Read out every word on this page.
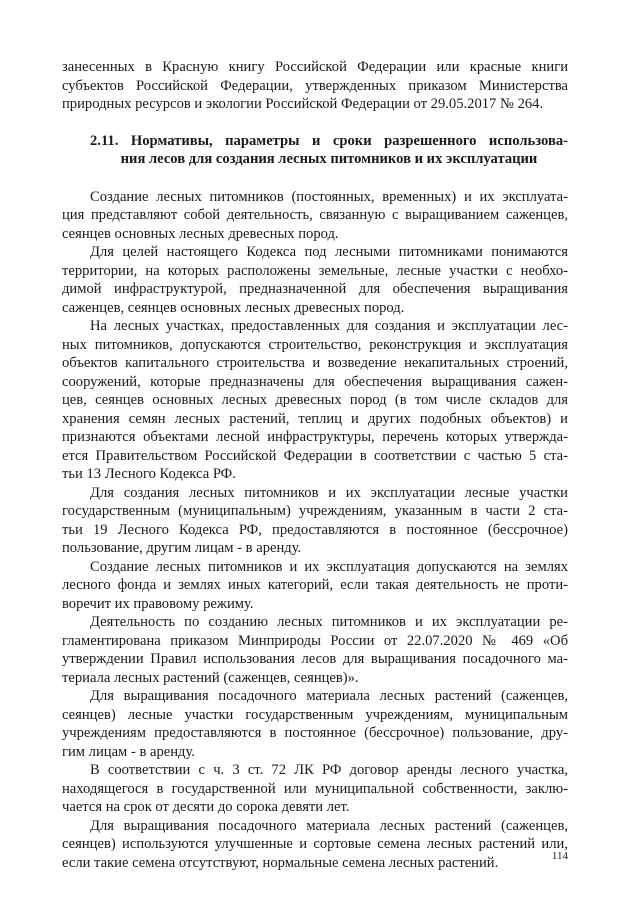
занесенных в Красную книгу Российской Федерации или красные книги
субъектов Российской Федерации, утвержденных приказом Министерства
природных ресурсов и экологии Российской Федерации от 29.05.2017 № 264.
2.11. Нормативы, параметры и сроки разрешенного использова-
ния лесов для создания лесных питомников и их эксплуатации
Создание лесных питомников (постоянных, временных) и их эксплуата-
ция представляют собой деятельность, связанную с выращиванием саженцев,
сеянцев основных лесных древесных пород.
Для целей настоящего Кодекса под лесными питомниками понимаются
территории, на которых расположены земельные, лесные участки с необхо-
димой инфраструктурой, предназначенной для обеспечения выращивания
саженцев, сеянцев основных лесных древесных пород.
На лесных участках, предоставленных для создания и эксплуатации лес-
ных питомников, допускаются строительство, реконструкция и эксплуатация
объектов капитального строительства и возведение некапитальных строений,
сооружений, которые предназначены для обеспечения выращивания сажен-
цев, сеянцев основных лесных древесных пород (в том числе складов для
хранения семян лесных растений, теплиц и других подобных объектов) и
признаются объектами лесной инфраструктуры, перечень которых утвержда-
ется Правительством Российской Федерации в соответствии с частью 5 ста-
тьи 13 Лесного Кодекса РФ.
Для создания лесных питомников и их эксплуатации лесные участки
государственным (муниципальным) учреждениям, указанным в части 2 ста-
тьи 19 Лесного Кодекса РФ, предоставляются в постоянное (бессрочное)
пользование, другим лицам - в аренду.
Создание лесных питомников и их эксплуатация допускаются на землях
лесного фонда и землях иных категорий, если такая деятельность не проти-
воречит их правовому режиму.
Деятельность по созданию лесных питомников и их эксплуатации ре-
гламентирована приказом Минприроды России от 22.07.2020 № 469 «Об
утверждении Правил использования лесов для выращивания посадочного ма-
териала лесных растений (саженцев, сеянцев)».
Для выращивания посадочного материала лесных растений (саженцев,
сеянцев) лесные участки государственным учреждениям, муниципальным
учреждениям предоставляются в постоянное (бессрочное) пользование, дру-
гим лицам - в аренду.
В соответствии с ч. 3 ст. 72 ЛК РФ договор аренды лесного участка,
находящегося в государственной или муниципальной собственности, заклю-
чается на срок от десяти до сорока девяти лет.
Для выращивания посадочного материала лесных растений (саженцев,
сеянцев) используются улучшенные и сортовые семена лесных растений или,
если такие семена отсутствуют, нормальные семена лесных растений.	114
